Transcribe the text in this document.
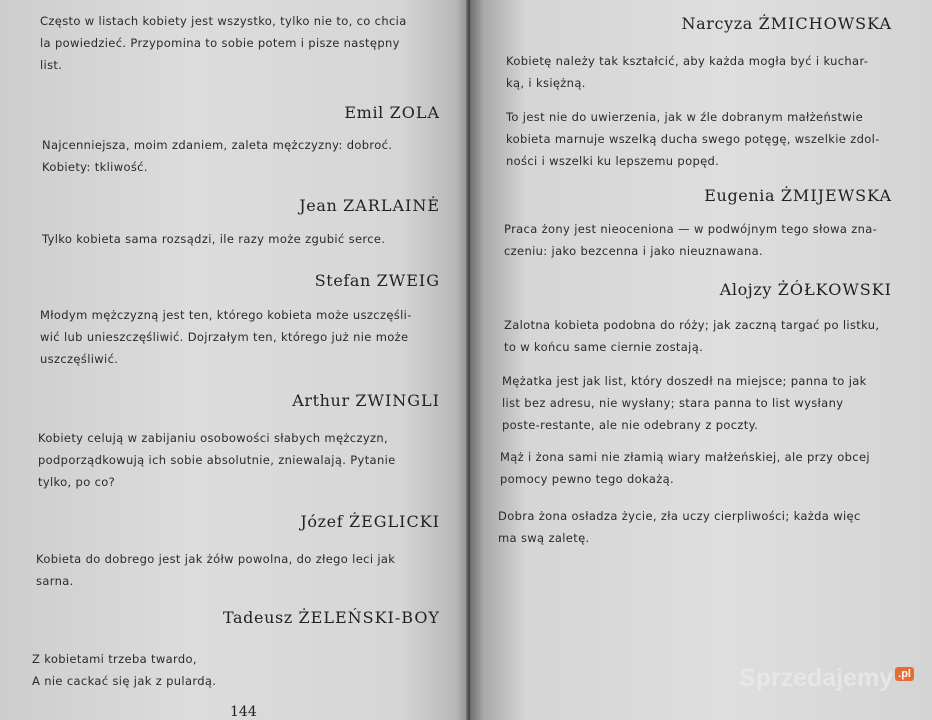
Często w listach kobiety jest wszystko, tylko nie to, co chcia
la powiedzieć. Przypomina to sobie potem i pisze następny
list.
Emil ZOLA
Najcenniejsza, moim zdaniem, zaleta mężczyzny: dobroć.
Kobiety: tkliwość.
Jean ZARLAINĖ
Tylko kobieta sama rozsądzi, ile razy może zgubić serce.
Stefan ZWEIG
Młodym mężczyzną jest ten, którego kobieta może uszczęśli-
wić lub unieszczęśliwić. Dojrzałym ten, którego już nie może
uszczęśliwić.
Arthur ZWINGLI
Kobiety celują w zabijaniu osobowości słabych mężczyzn,
podporządkowują ich sobie absolutnie, zniewalają. Pytanie
tylko, po co?
Józef ŻEGLICKI
Kobieta do dobrego jest jak żółw powolna, do złego leci jak
sarna.
Tadeusz ŻELEŃSKI-BOY
Z kobietami trzeba twardo,
A nie cackać się jak z pulardą.
144
Narcyza ŻMICHOWSKA
Kobietę należy tak kształcić, aby każda mogła być i kuchar-
ką, i księżną.
To jest nie do uwierzenia, jak w źle dobranym małżeństwie
kobieta marnuje wszelką ducha swego potęgę, wszelkie zdol-
ności i wszelki ku lepszemu popęd.
Eugenia ŻMIJEWSKA
Praca żony jest nieoceniona — w podwójnym tego słowa zna-
czeniu: jako bezcenna i jako nieuznawana.
Alojzy ŻÓŁKOWSKI
Zalotna kobieta podobna do róży; jak zaczną targać po listku,
to w końcu same ciernie zostają.
Mężatka jest jak list, który doszedł na miejsce; panna to jak
list bez adresu, nie wysłany; stara panna to list wysłany
poste-restante, ale nie odebrany z poczty.
Mąż i żona sami nie złamią wiary małżeńskiej, ale przy obcej
pomocy pewno tego dokażą.
Dobra żona osładza życie, zła uczy cierpliwości; każda więc
ma swą zaletę.
Sprzedajemy .pl
